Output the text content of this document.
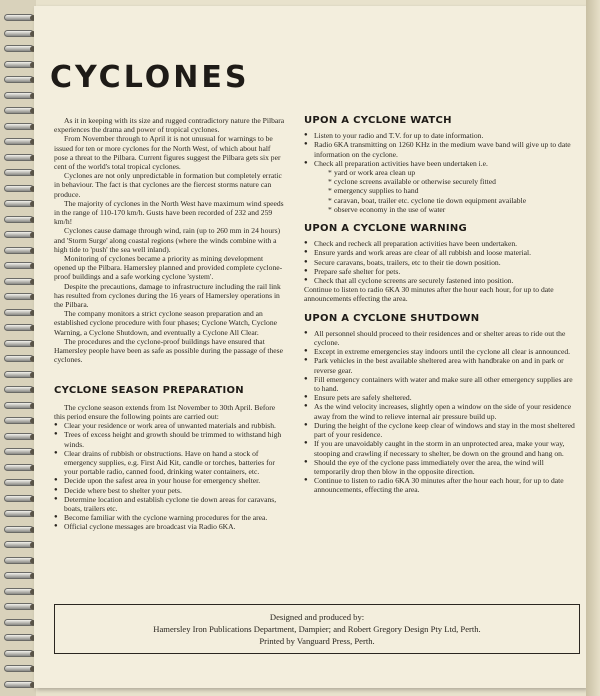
CYCLONES

As it in keeping with its size and rugged contradictory nature the Pilbara experiences the drama and power of tropical cyclones.

From November through to April it is not unusual for warnings to be issued for ten or more cyclones for the North West, of which about half pose a threat to the Pilbara. Current figures suggest the Pilbara gets six per cent of the world's total tropical cyclones.

Cyclones are not only unpredictable in formation but completely erratic in behaviour. The fact is that cyclones are the fiercest storms nature can produce.

The majority of cyclones in the North West have maximum wind speeds in the range of 110-170 km/h. Gusts have been recorded of 232 and 259 km/h!

Cyclones cause damage through wind, rain (up to 260 mm in 24 hours) and 'Storm Surge' along coastal regions (where the winds combine with a high tide to 'push' the sea well inland).

Monitoring of cyclones became a priority as mining development opened up the Pilbara. Hamersley planned and provided complete cyclone-proof buildings and a safe working cyclone 'system'.

Despite the precautions, damage to infrastructure including the rail link has resulted from cyclones during the 16 years of Hamersley operations in the Pilbara.

The company monitors a strict cyclone season preparation and an established cyclone procedure with four phases; Cyclone Watch, Cyclone Warning, a Cyclone Shutdown, and eventually a Cyclone All Clear.

The procedures and the cyclone-proof buildings have ensured that Hamersley people have been as safe as possible during the passage of these cyclones.

CYCLONE SEASON PREPARATION

The cyclone season extends from 1st November to 30th April. Before this period ensure the following points are carried out:

● Clear your residence or work area of unwanted materials and rubbish.
● Trees of excess height and growth should be trimmed to withstand high winds.
● Clear drains of rubbish or obstructions. Have on hand a stock of emergency supplies, e.g. First Aid Kit, candle or torches, batteries for your portable radio, canned food, drinking water containers, etc.
● Decide upon the safest area in your house for emergency shelter.
● Decide where best to shelter your pets.
● Determine location and establish cyclone tie down areas for caravans, boats, trailers etc.
● Become familiar with the cyclone warning procedures for the area.
● Official cyclone messages are broadcast via Radio 6KA.
UPON A CYCLONE WATCH
● Listen to your radio and T.V. for up to date information.
● Radio 6KA transmitting on 1260 KHz in the medium wave band will give up to date information on the cyclone.
● Check all preparation activities have been undertaken i.e.
* yard or work area clean up
* cyclone screens available or otherwise securely fitted
* emergency supplies to hand
* caravan, boat, trailer etc. cyclone tie down equipment available
* observe economy in the use of water
UPON A CYCLONE WARNING
● Check and recheck all preparation activities have been undertaken.
● Ensure yards and work areas are clear of all rubbish and loose material.
● Secure caravans, boats, trailers, etc to their tie down position.
● Prepare safe shelter for pets.
● Check that all cyclone screens are securely fastened into position.

Continue to listen to radio 6KA 30 minutes after the hour each hour, for up to date announcements effecting the area.

UPON A CYCLONE SHUTDOWN
● All personnel should proceed to their residences and or shelter areas to ride out the cyclone.
● Except in extreme emergencies stay indoors until the cyclone all clear is announced.
● Park vehicles in the best available sheltered area with handbrake on and in park or reverse gear.
● Fill emergency containers with water and make sure all other emergency supplies are to hand.
● Ensure pets are safely sheltered.
● As the wind velocity increases, slightly open a window on the side of your residence away from the wind to relieve internal air pressure build up.
● During the height of the cyclone keep clear of windows and stay in the most sheltered part of your residence.
● If you are unavoidably caught in the storm in an unprotected area, make your way, stooping and crawling if necessary to shelter, be down on the ground and hang on.
● Should the eye of the cyclone pass immediately over the area, the wind will temporarily drop then blow in the opposite direction.
● Continue to listen to radio 6KA 30 minutes after the hour each hour, for up to date announcements, effecting the area.
Designed and produced by:
Hamersley Iron Publications Department, Dampier; and Robert Gregory Design Pty Ltd, Perth.
Printed by Vanguard Press, Perth.
